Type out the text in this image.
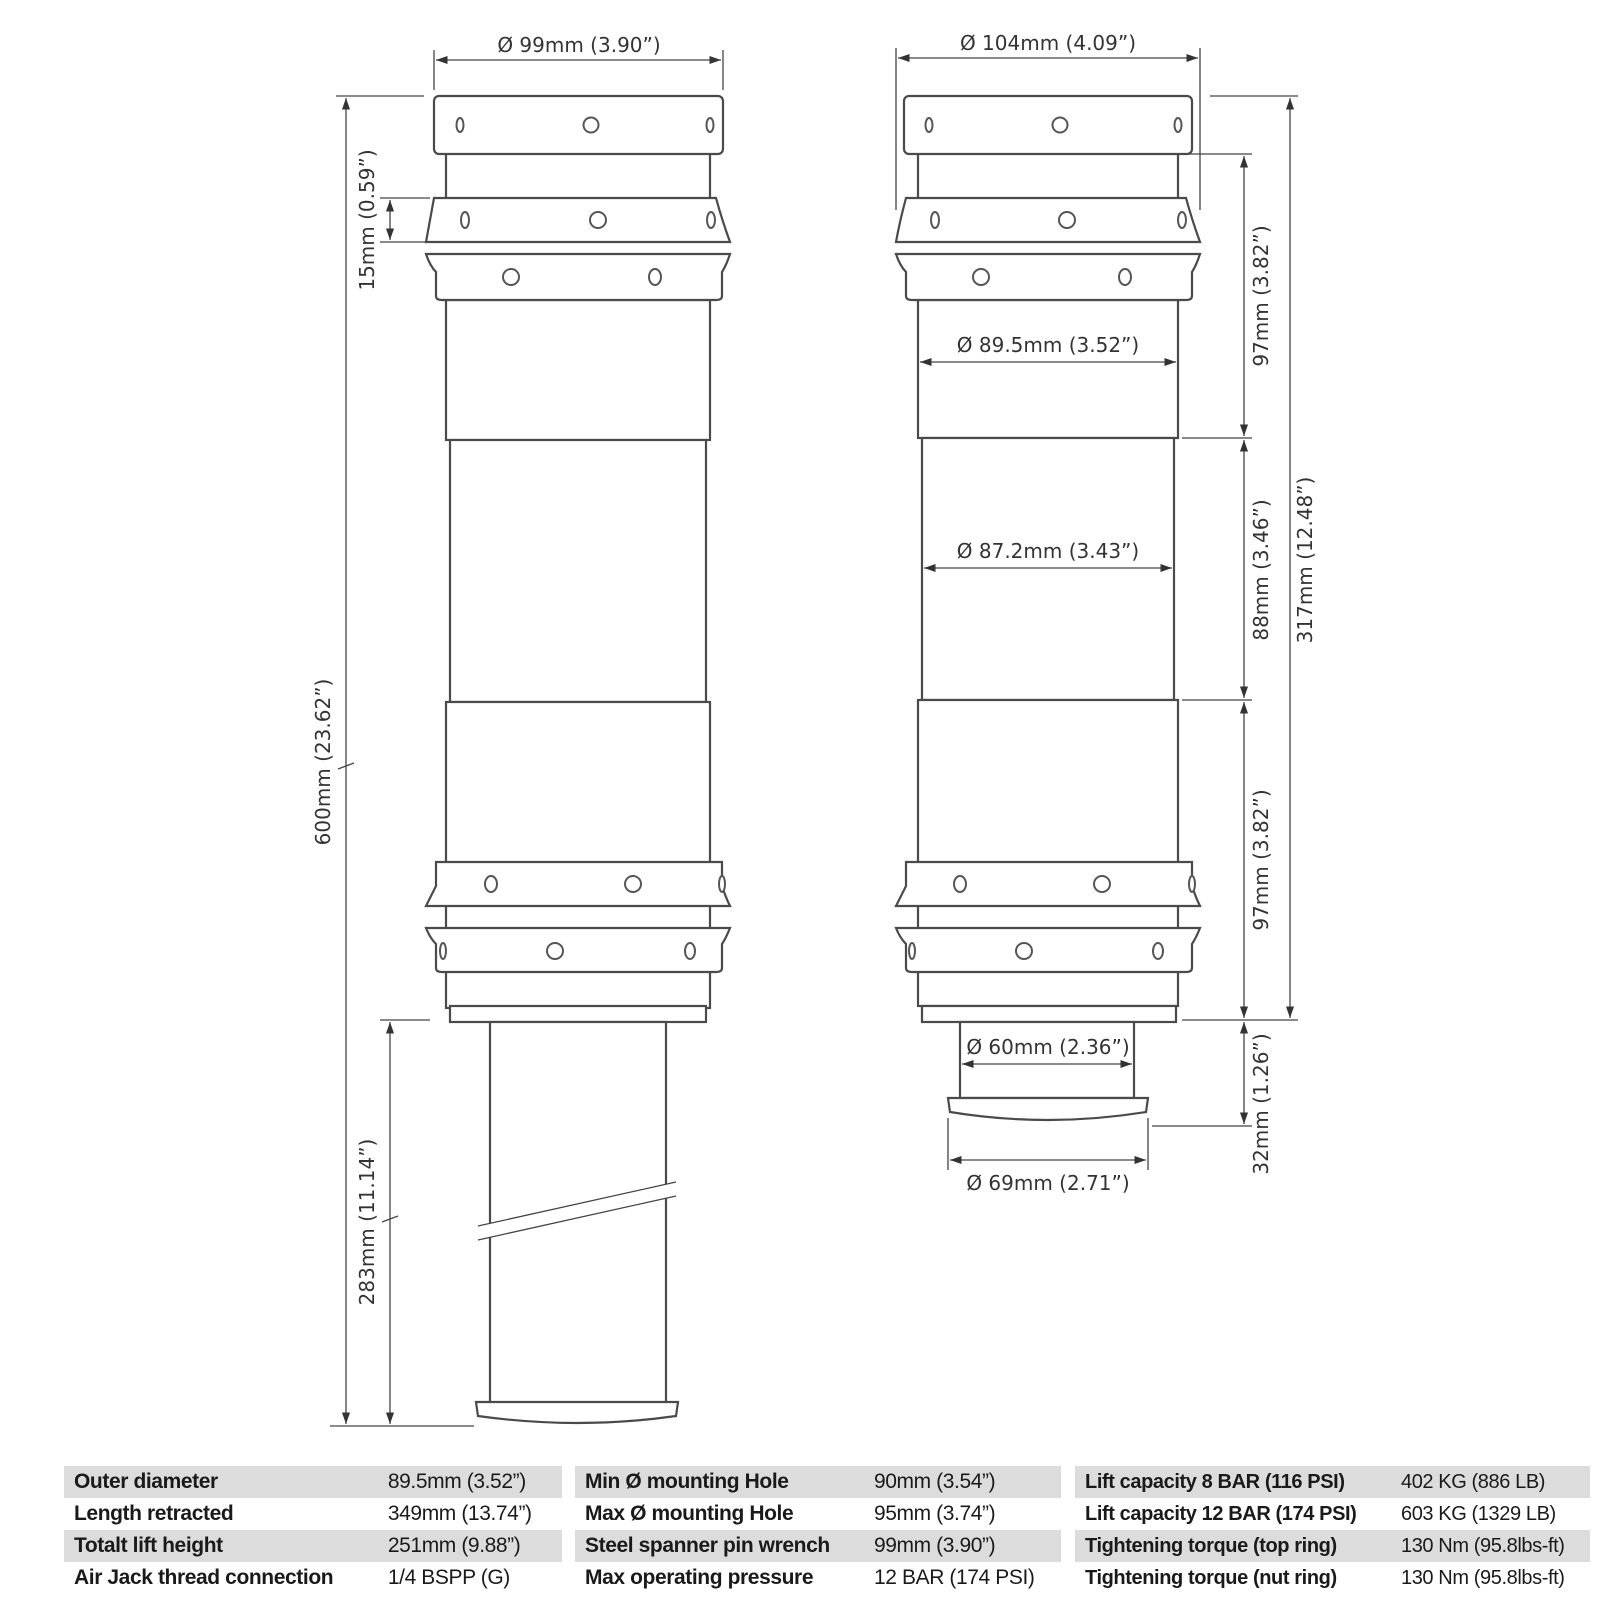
Ø 99mm (3.90”)
600mm (23.62”)
15mm (0.59”)
283mm (11.14”)
Ø 104mm (4.09”)
Ø 89.5mm (3.52”)
Ø 87.2mm (3.43”)
Ø 60mm (2.36”)
Ø 69mm (2.71”)
97mm (3.82”)
88mm (3.46”)
97mm (3.82”)
32mm (1.26”)
317mm (12.48”)
Outer diameter	89.5mm (3.52”)
Length retracted	349mm (13.74”)
Totalt lift height	251mm (9.88”)
Air Jack thread connection	1/4 BSPP (G)
Min Ø mounting Hole	90mm (3.54”)
Max Ø mounting Hole	95mm (3.74”)
Steel spanner pin wrench	99mm (3.90”)
Max operating pressure	12 BAR (174 PSI)
Lift capacity 8 BAR (116 PSI)	402 KG (886 LB)
Lift capacity 12 BAR (174 PSI)	603 KG (1329 LB)
Tightening torque (top ring)	130 Nm (95.8lbs-ft)
Tightening torque (nut ring)	130 Nm (95.8lbs-ft)
